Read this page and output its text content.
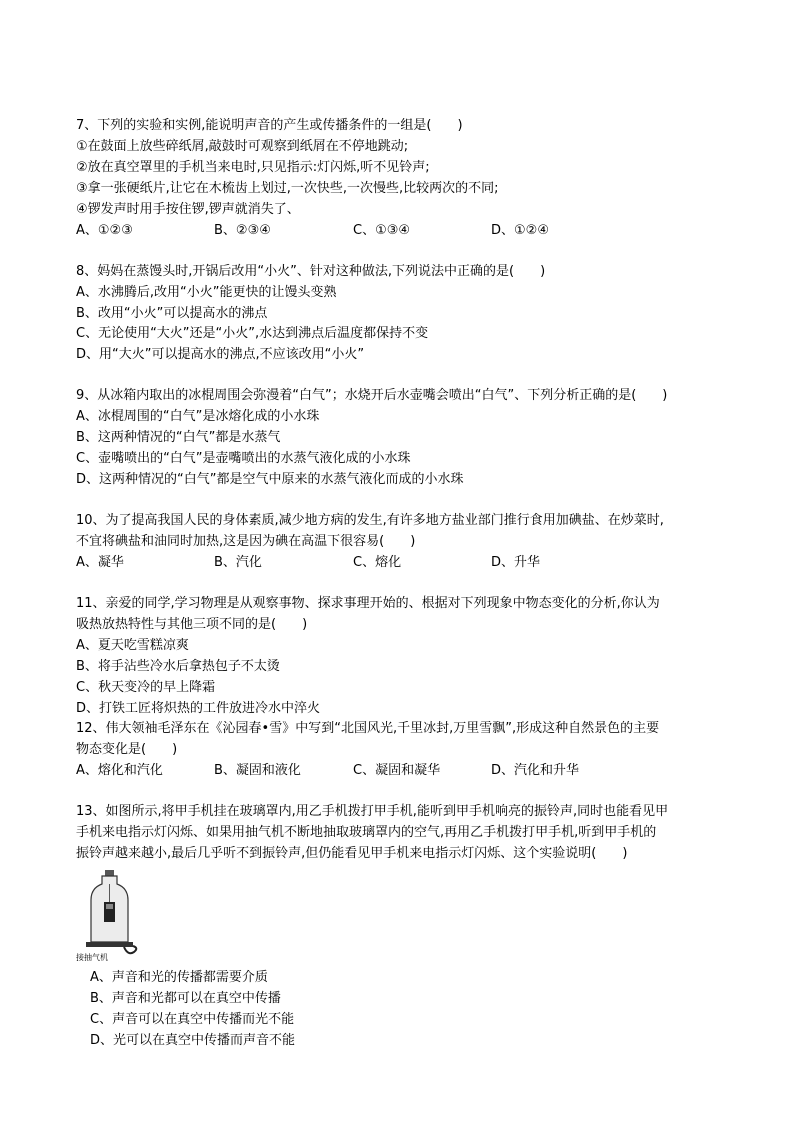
7、下列的实验和实例,能说明声音的产生或传播条件的一组是(　　)
①在鼓面上放些碎纸屑,敲鼓时可观察到纸屑在不停地跳动;
②放在真空罩里的手机当来电时,只见指示:灯闪烁,听不见铃声;
③拿一张硬纸片,让它在木梳齿上划过,一次快些,一次慢些,比较两次的不同;
④锣发声时用手按住锣,锣声就消失了、
A、①②③	B、②③④	C、①③④	D、①②④
8、妈妈在蒸馒头时,开锅后改用“小火”、针对这种做法,下列说法中正确的是(　　)
A、水沸腾后,改用“小火”能更快的让馒头变熟
B、改用“小火”可以提高水的沸点
C、无论使用“大火”还是“小火”,水达到沸点后温度都保持不变
D、用“大火”可以提高水的沸点,不应该改用“小火”
9、从冰箱内取出的冰棍周围会弥漫着“白气”；水烧开后水壶嘴会喷出“白气”、下列分析正确的是(　　)
A、冰棍周围的“白气”是冰熔化成的小水珠
B、这两种情况的“白气”都是水蒸气
C、壶嘴喷出的“白气”是壶嘴喷出的水蒸气液化成的小水珠
D、这两种情况的“白气”都是空气中原来的水蒸气液化而成的小水珠
10、为了提高我国人民的身体素质,减少地方病的发生,有许多地方盐业部门推行食用加碘盐、在炒菜时,
不宜将碘盐和油同时加热,这是因为碘在高温下很容易(　　)
A、凝华	B、汽化	C、熔化	D、升华
11、亲爱的同学,学习物理是从观察事物、探求事理开始的、根据对下列现象中物态变化的分析,你认为
吸热放热特性与其他三项不同的是(　　)
A、夏天吃雪糕凉爽
B、将手沾些冷水后拿热包子不太烫
C、秋天变冷的早上降霜
D、打铁工匠将炽热的工件放进冷水中淬火
12、伟大领袖毛泽东在《沁园春•雪》中写到“北国风光,千里冰封,万里雪飘”,形成这种自然景色的主要
物态变化是(　　)
A、熔化和汽化	B、凝固和液化	C、凝固和凝华	D、汽化和升华
13、如图所示,将甲手机挂在玻璃罩内,用乙手机拨打甲手机,能听到甲手机响亮的振铃声,同时也能看见甲
手机来电指示灯闪烁、如果用抽气机不断地抽取玻璃罩内的空气,再用乙手机拨打甲手机,听到甲手机的
振铃声越来越小,最后几乎听不到振铃声,但仍能看见甲手机来电指示灯闪烁、这个实验说明(　　)
接抽气机
A、声音和光的传播都需要介质
B、声音和光都可以在真空中传播
C、声音可以在真空中传播而光不能
D、光可以在真空中传播而声音不能
